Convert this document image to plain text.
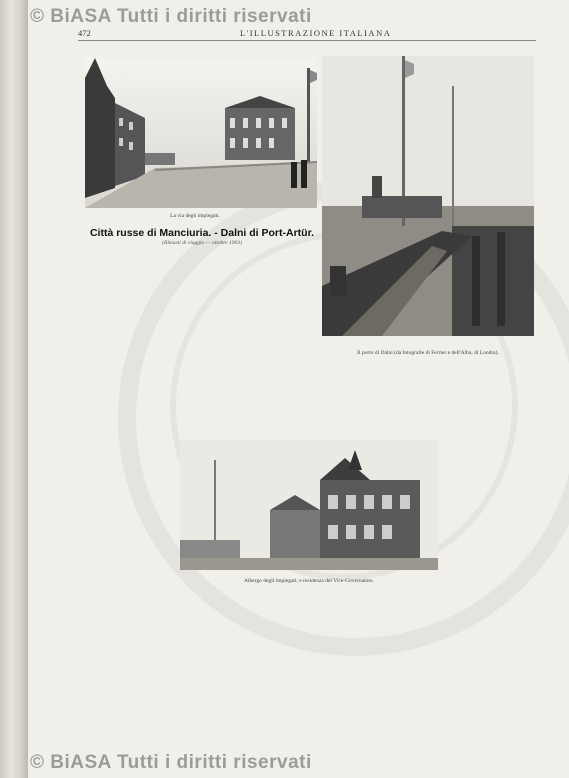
© BiASA Tutti i diritti riservati
© BiASA Tutti i diritti riservati
472	L'ILLUSTRAZIONE ITALIANA
La via degli impiegati.
Città russe di Manciuria. - Dalni di Port-Artür.
(Rimasti di viaggio — ottobre 1903)
Il porto di Dalni (da fotografie di Ferrier e dell'Alba, di Londra).
Albergo degli impiegati, e residenza del Vice-Governatore.
